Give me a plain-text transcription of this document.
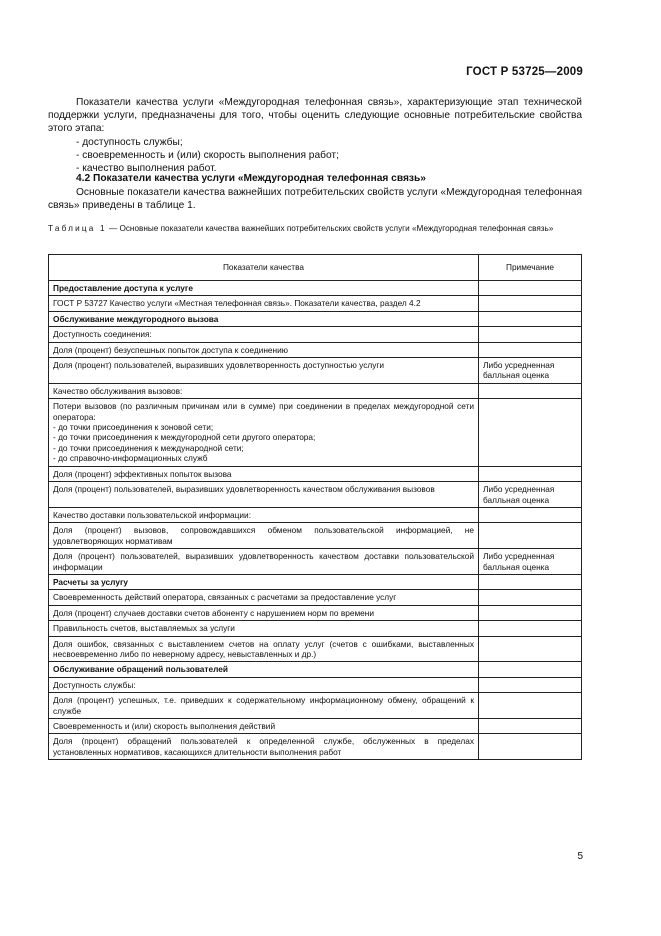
ГОСТ Р 53725—2009

Показатели качества услуги «Междугородная телефонная связь», характеризующие этап технической поддержки услуги, предназначены для того, чтобы оценить следующие основные потребительские свойства этого этапа:

- доступность службы;
- своевременность и (или) скорость выполнения работ;
- качество выполнения работ.
4.2 Показатели качества услуги «Междугородная телефонная связь»

Основные показатели качества важнейших потребительских свойств услуги «Междугородная телефонная связь» приведены в таблице 1.

Таблица 1 — Основные показатели качества важнейших потребительских свойств услуги «Междугородная телефонная связь»
Показатели качества	Примечание
Предоставление доступа к услуге	
ГОСТ Р 53727 Качество услуги «Местная телефонная связь». Показатели качества, раздел 4.2	
Обслуживание междугородного вызова	
Доступность соединения:	
Доля (процент) безуспешных попыток доступа к соединению	
Доля (процент) пользователей, выразивших удовлетворенность доступностью услуги	Либо усредненная балльная оценка
Качество обслуживания вызовов:	
Потери вызовов (по различным причинам или в сумме) при соединении в пределах междугородной сети оператора:
- до точки присоединения к зоновой сети;
- до точки присоединения к междугородной сети другого оператора;
- до точки присоединения к международной сети;
- до справочно-информационных служб	
Доля (процент) эффективных попыток вызова	
Доля (процент) пользователей, выразивших удовлетворенность качеством обслуживания вызовов	Либо усредненная балльная оценка
Качество доставки пользовательской информации:	
Доля (процент) вызовов, сопровождавшихся обменом пользовательской информацией, не удовлетворяющих нормативам	
Доля (процент) пользователей, выразивших удовлетворенность качеством доставки пользовательской информации	Либо усредненная балльная оценка
Расчеты за услугу	
Своевременность действий оператора, связанных с расчетами за предоставление услуг	
Доля (процент) случаев доставки счетов абоненту с нарушением норм по времени	
Правильность счетов, выставляемых за услуги	
Доля ошибок, связанных с выставлением счетов на оплату услуг (счетов с ошибками, выставленных несвоевременно либо по неверному адресу, невыставленных и др.)	
Обслуживание обращений пользователей	
Доступность службы:	
Доля (процент) успешных, т.е. приведших к содержательному информационному обмену, обращений к службе	
Своевременность и (или) скорость выполнения действий	
Доля (процент) обращений пользователей к определенной службе, обслуженных в пределах установленных нормативов, касающихся длительности выполнения работ	
5
